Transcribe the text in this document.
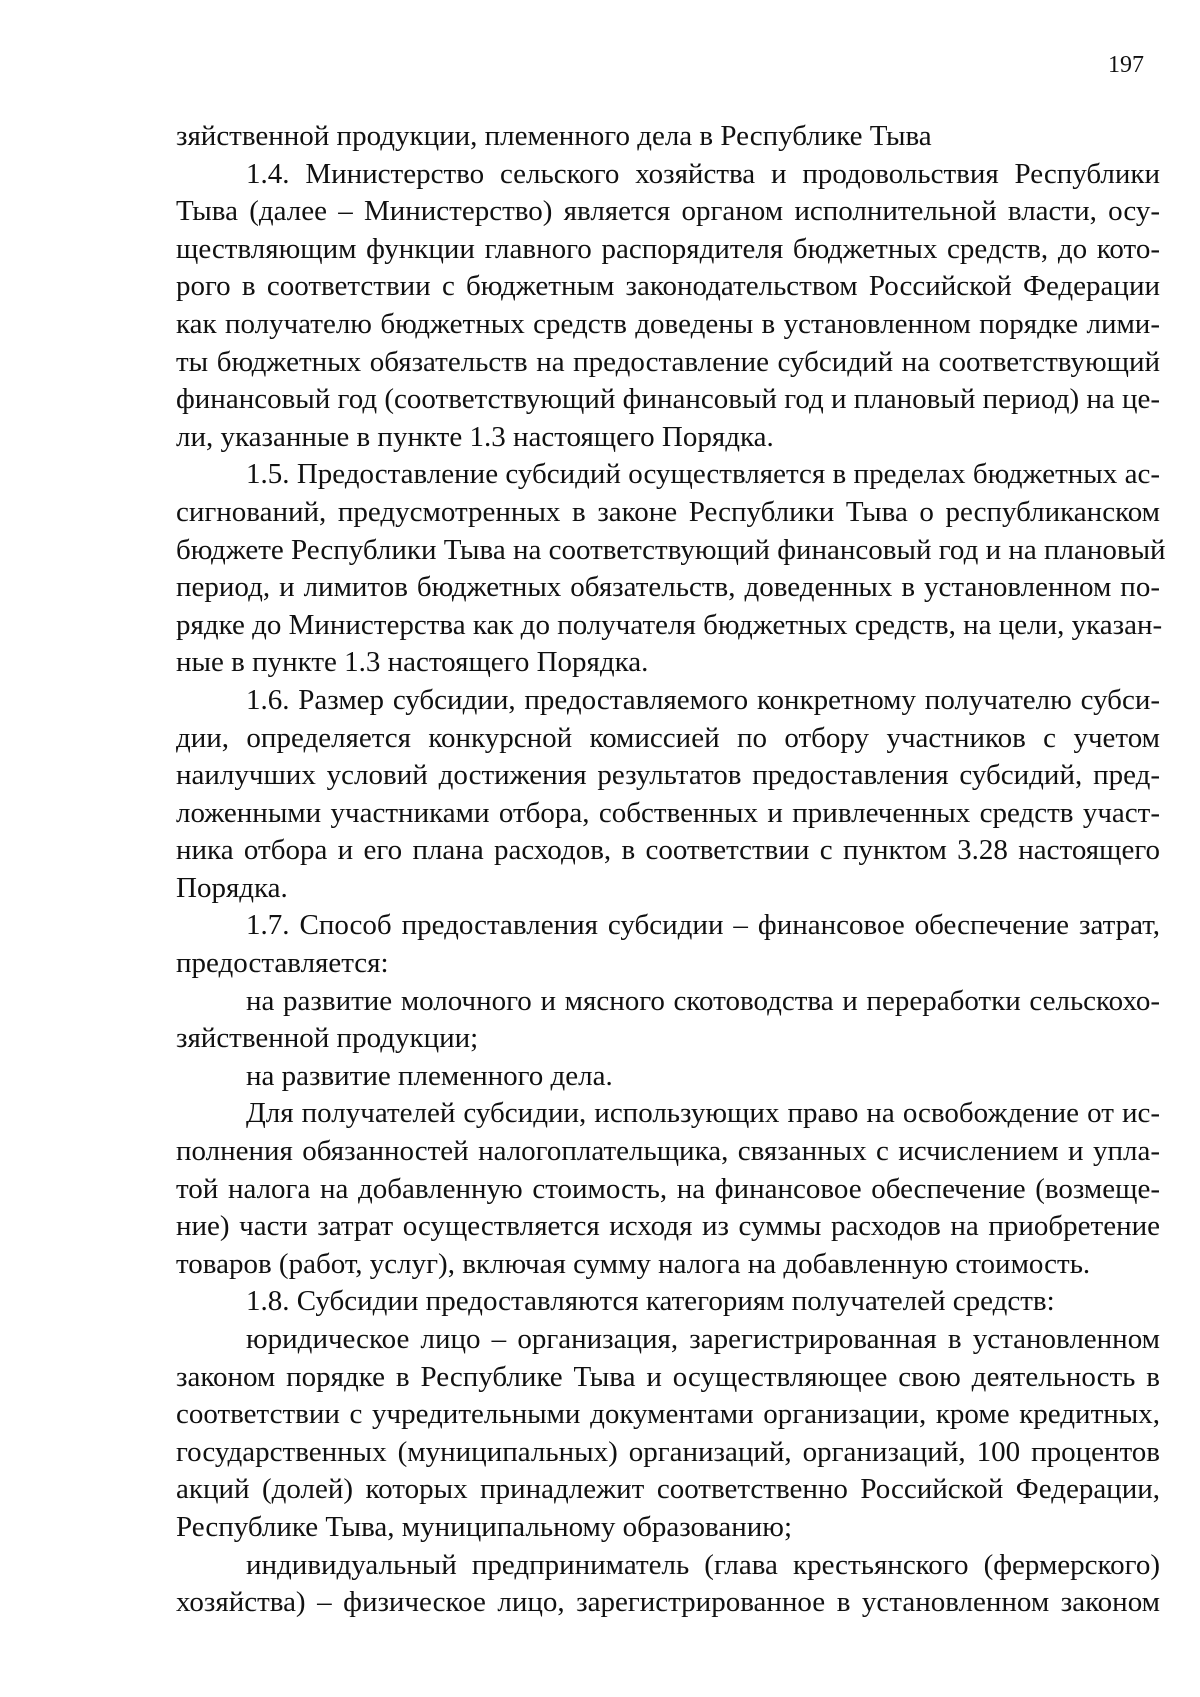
197
зяйственной продукции, племенного дела в Республике Тыва
1.4. Министерство сельского хозяйства и продовольствия Республики
Тыва (далее – Министерство) является органом исполнительной власти, осу-
ществляющим функции главного распорядителя бюджетных средств, до кото-
рого в соответствии с бюджетным законодательством Российской Федерации
как получателю бюджетных средств доведены в установленном порядке лими-
ты бюджетных обязательств на предоставление субсидий на соответствующий
финансовый год (соответствующий финансовый год и плановый период) на це-
ли, указанные в пункте 1.3 настоящего Порядка.
1.5. Предоставление субсидий осуществляется в пределах бюджетных ас-
сигнований, предусмотренных в законе Республики Тыва о республиканском
бюджете Республики Тыва на соответствующий финансовый год и на плановый
период, и лимитов бюджетных обязательств, доведенных в установленном по-
рядке до Министерства как до получателя бюджетных средств, на цели, указан-
ные в пункте 1.3 настоящего Порядка.
1.6. Размер субсидии, предоставляемого конкретному получателю субси-
дии, определяется конкурсной комиссией по отбору участников с учетом
наилучших условий достижения результатов предоставления субсидий, пред-
ложенными участниками отбора, собственных и привлеченных средств участ-
ника отбора и его плана расходов, в соответствии с пунктом 3.28 настоящего
Порядка.
1.7. Способ предоставления субсидии – финансовое обеспечение затрат,
предоставляется:
на развитие молочного и мясного скотоводства и переработки сельскохо-
зяйственной продукции;
на развитие племенного дела.
Для получателей субсидии, использующих право на освобождение от ис-
полнения обязанностей налогоплательщика, связанных с исчислением и упла-
той налога на добавленную стоимость, на финансовое обеспечение (возмеще-
ние) части затрат осуществляется исходя из суммы расходов на приобретение
товаров (работ, услуг), включая сумму налога на добавленную стоимость.
1.8. Субсидии предоставляются категориям получателей средств:
юридическое лицо – организация, зарегистрированная в установленном
законом порядке в Республике Тыва и осуществляющее свою деятельность в
соответствии с учредительными документами организации, кроме кредитных,
государственных (муниципальных) организаций, организаций, 100 процентов
акций (долей) которых принадлежит соответственно Российской Федерации,
Республике Тыва, муниципальному образованию;
индивидуальный предприниматель (глава крестьянского (фермерского)
хозяйства) – физическое лицо, зарегистрированное в установленном законом
